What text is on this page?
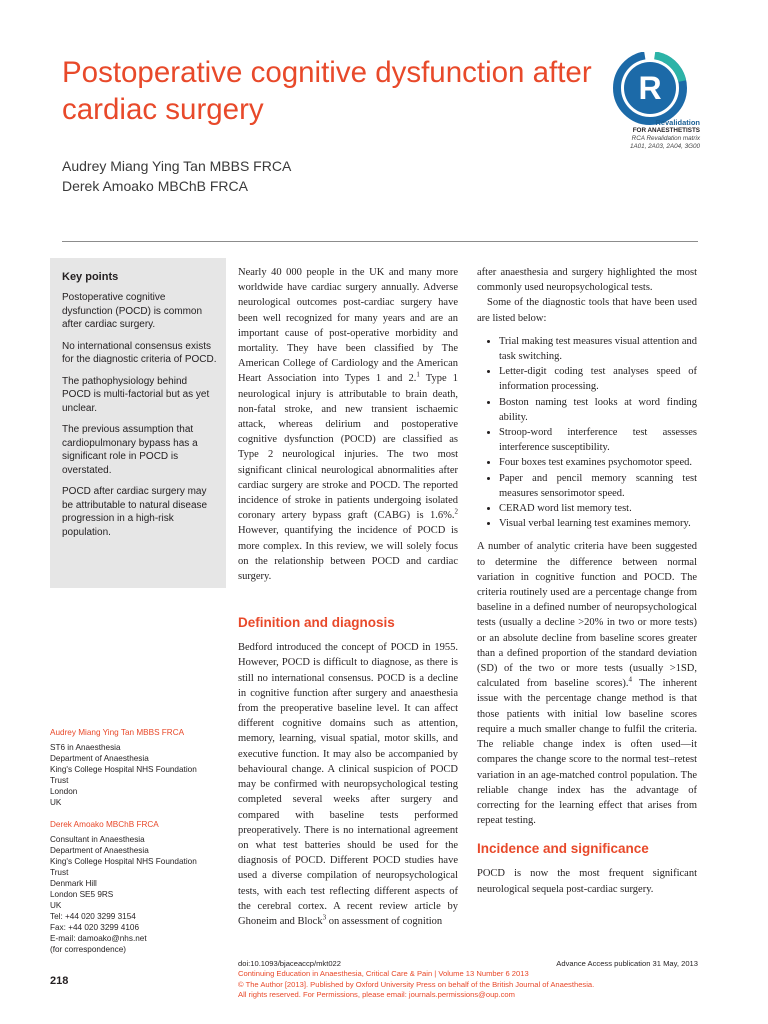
Postoperative cognitive dysfunction after cardiac surgery
Audrey Miang Ying Tan MBBS FRCA
Derek Amoako MBChB FRCA
R
Revalidation
FOR ANAESTHETISTS
RCA Revalidation matrix
1A01, 2A03, 2A04, 3G00
Key points

Postoperative cognitive dysfunction (POCD) is common after cardiac surgery.

No international consensus exists for the diagnostic criteria of POCD.

The pathophysiology behind POCD is multi-factorial but as yet unclear.

The previous assumption that cardiopulmonary bypass has a significant role in POCD is overstated.

POCD after cardiac surgery may be attributable to natural disease progression in a high-risk population.

Audrey Miang Ying Tan MBBS FRCA
ST6 in Anaesthesia
Department of Anaesthesia
King's College Hospital NHS Foundation
Trust
London
UK
Derek Amoako MBChB FRCA
Consultant in Anaesthesia
Department of Anaesthesia
King's College Hospital NHS Foundation
Trust
Denmark Hill
London SE5 9RS
UK
Tel: +44 020 3299 3154
Fax: +44 020 3299 4106
E-mail: damoako@nhs.net
(for correspondence)

Nearly 40 000 people in the UK and many more worldwide have cardiac surgery annually. Adverse neurological outcomes post-cardiac surgery have been well recognized for many years and are an important cause of post-operative morbidity and mortality. They have been classified by The American College of Cardiology and the American Heart Association into Types 1 and 2.$^1$ Type 1 neurological injury is attributable to brain death, non-fatal stroke, and new transient ischaemic attack, whereas delirium and postoperative cognitive dysfunction (POCD) are classified as Type 2 neurological injuries. The two most significant clinical neurological abnormalities after cardiac surgery are stroke and POCD. The reported incidence of stroke in patients undergoing isolated coronary artery bypass graft (CABG) is 1.6%.$^2$ However, quantifying the incidence of POCD is more complex. In this review, we will solely focus on the relationship between POCD and cardiac surgery.

Definition and diagnosis

Bedford introduced the concept of POCD in 1955. However, POCD is difficult to diagnose, as there is still no international consensus. POCD is a decline in cognitive function after surgery and anaesthesia from the preoperative baseline level. It can affect different cognitive domains such as attention, memory, learning, visual spatial, motor skills, and executive function. It may also be accompanied by behavioural change. A clinical suspicion of POCD may be confirmed with neuropsychological testing completed several weeks after surgery and compared with baseline tests performed preoperatively. There is no international agreement on what test batteries should be used for the diagnosis of POCD. Different POCD studies have used a diverse compilation of neuropsychological tests, with each test reflecting different aspects of the cerebral cortex. A recent review article by Ghoneim and Block$^3$ on assessment of cognition

after anaesthesia and surgery highlighted the most commonly used neuropsychological tests.

Some of the diagnostic tools that have been used are listed below:

• Trial making test measures visual attention and task switching.
• Letter-digit coding test analyses speed of information processing.
• Boston naming test looks at word finding ability.
• Stroop-word interference test assesses interference susceptibility.
• Four boxes test examines psychomotor speed.
• Paper and pencil memory scanning test measures sensorimotor speed.
• CERAD word list memory test.
• Visual verbal learning test examines memory.

A number of analytic criteria have been suggested to determine the difference between normal variation in cognitive function and POCD. The criteria routinely used are a percentage change from baseline in a defined number of neuropsychological tests (usually a decline >20% in two or more tests) or an absolute decline from baseline scores greater than a defined proportion of the standard deviation (SD) of the two or more tests (usually >1SD, calculated from baseline scores).$^4$ The inherent issue with the percentage change method is that those patients with initial low baseline scores require a much smaller change to fulfil the criteria. The reliable change index is often used—it compares the change score to the normal test–retest variation in an age-matched control population. The reliable change index has the advantage of correcting for the learning effect that arises from repeat testing.

Incidence and significance

POCD is now the most frequent significant neurological sequela post-cardiac surgery.

218
doi:10.1093/bjaceaccp/mkt022	Advance Access publication 31 May, 2013
Continuing Education in Anaesthesia, Critical Care & Pain | Volume 13 Number 6 2013
© The Author [2013]. Published by Oxford University Press on behalf of the British Journal of Anaesthesia.
All rights reserved. For Permissions, please email: journals.permissions@oup.com
